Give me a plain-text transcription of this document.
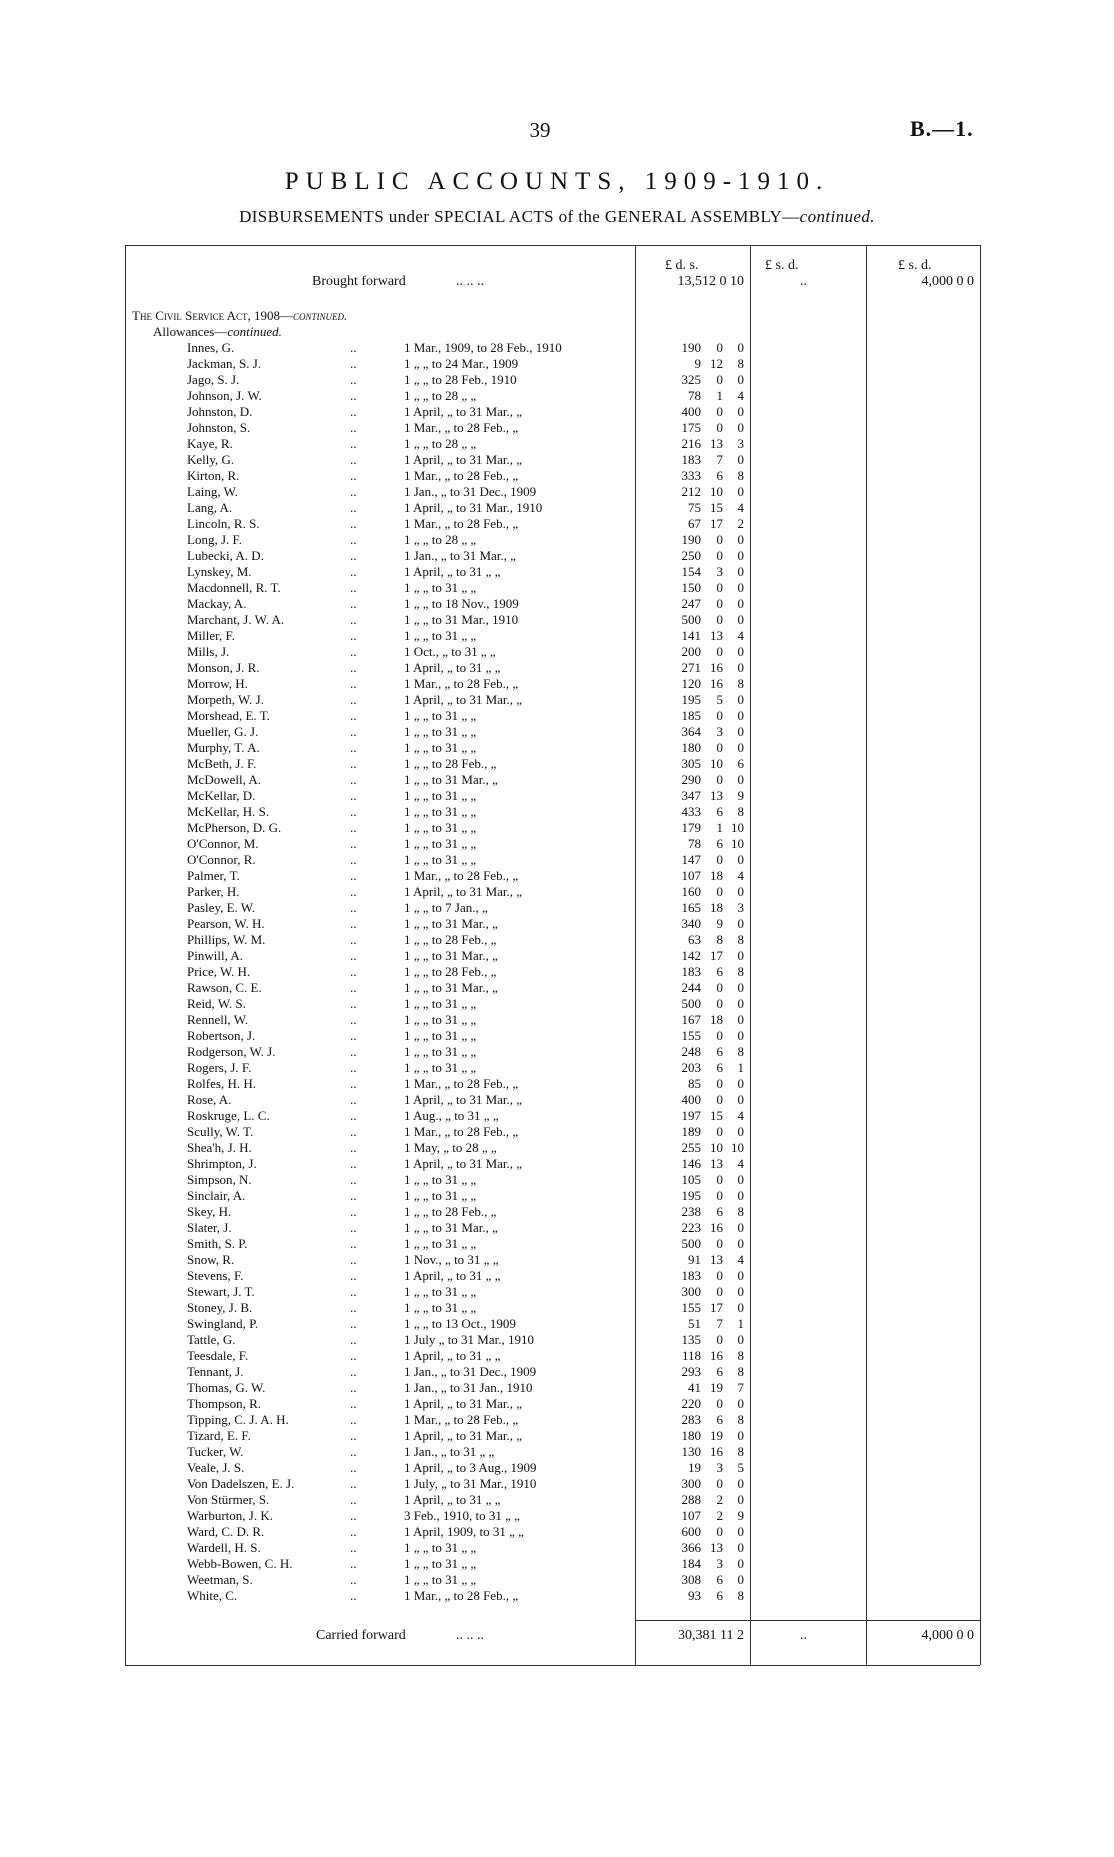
39	B.—1.
PUBLIC ACCOUNTS, 1909-1910.
DISBURSEMENTS under SPECIAL ACTS of the GENERAL ASSEMBLY—continued.
£ d. s.	£ s. d.	£ s. d.
Brought forward	.. .. ..	13,512 0 10	..	4,000 0 0
The Civil Service Act, 1908—continued.
Allowances—continued.
Innes, G.	..	1 Mar., 1909, to 28 Feb., 1910	190	0	0
Jackman, S. J.	..	1 „ „ to 24 Mar., 1909	9 12	8
Jago, S. J.	..	1 „ „ to 28 Feb., 1910	325	0	0
Johnson, J. W.	..	1 „ „ to 28 „ „	78	1	4
Johnston, D.	..	1 April, „ to 31 Mar., „	400	0	0
Johnston, S.	..	1 Mar., „ to 28 Feb., „	175	0	0
Kaye, R.	..	1 „ „ to 28 „ „	216 13	3
Kelly, G.	..	1 April, „ to 31 Mar., „	183	7	0
Kirton, R.	..	1 Mar., „ to 28 Feb., „	333	6	8
Laing, W.	..	1 Jan., „ to 31 Dec., 1909	212 10	0
Lang, A.	..	1 April, „ to 31 Mar., 1910	75 15	4
Lincoln, R. S.	..	1 Mar., „ to 28 Feb., „	67 17	2
Long, J. F.	..	1 „ „ to 28 „ „	190	0	0
Lubecki, A. D.	..	1 Jan., „ to 31 Mar., „	250	0	0
Lynskey, M.	..	1 April, „ to 31 „ „	154	3	0
Macdonnell, R. T.	..	1 „ „ to 31 „ „	150	0	0
Mackay, A.	..	1 „ „ to 18 Nov., 1909	247	0	0
Marchant, J. W. A.	..	1 „ „ to 31 Mar., 1910	500	0	0
Miller, F.	..	1 „ „ to 31 „ „	141 13	4
Mills, J.	..	1 Oct., „ to 31 „ „	200	0	0
Monson, J. R.	..	1 April, „ to 31 „ „	271 16	0
Morrow, H.	..	1 Mar., „ to 28 Feb., „	120 16	8
Morpeth, W. J.	..	1 April, „ to 31 Mar., „	195	5	0
Morshead, E. T.	..	1 „ „ to 31 „ „	185	0	0
Mueller, G. J.	..	1 „ „ to 31 „ „	364	3	0
Murphy, T. A.	..	1 „ „ to 31 „ „	180	0	0
McBeth, J. F.	..	1 „ „ to 28 Feb., „	305 10	6
McDowell, A.	..	1 „ „ to 31 Mar., „	290	0	0
McKellar, D.	..	1 „ „ to 31 „ „	347 13	9
McKellar, H. S.	..	1 „ „ to 31 „ „	433	6	8
McPherson, D. G.	..	1 „ „ to 31 „ „	179	1 10
O'Connor, M.	..	1 „ „ to 31 „ „	78	6 10
O'Connor, R.	..	1 „ „ to 31 „ „	147	0	0
Palmer, T.	..	1 Mar., „ to 28 Feb., „	107 18	4
Parker, H.	..	1 April, „ to 31 Mar., „	160	0	0
Pasley, E. W.	..	1 „ „ to 7 Jan., „	165 18	3
Pearson, W. H.	..	1 „ „ to 31 Mar., „	340	9	0
Phillips, W. M.	..	1 „ „ to 28 Feb., „	63	8	8
Pinwill, A.	..	1 „ „ to 31 Mar., „	142 17	0
Price, W. H.	..	1 „ „ to 28 Feb., „	183	6	8
Rawson, C. E.	..	1 „ „ to 31 Mar., „	244	0	0
Reid, W. S.	..	1 „ „ to 31 „ „	500	0	0
Rennell, W.	..	1 „ „ to 31 „ „	167 18	0
Robertson, J.	..	1 „ „ to 31 „ „	155	0	0
Rodgerson, W. J.	..	1 „ „ to 31 „ „	248	6	8
Rogers, J. F.	..	1 „ „ to 31 „ „	203	6	1
Rolfes, H. H.	..	1 Mar., „ to 28 Feb., „	85	0	0
Rose, A.	..	1 April, „ to 31 Mar., „	400	0	0
Roskruge, L. C.	..	1 Aug., „ to 31 „ „	197 15	4
Scully, W. T.	..	1 Mar., „ to 28 Feb., „	189	0	0
Shea'h, J. H.	..	1 May, „ to 28 „ „	255 10 10
Shrimpton, J.	..	1 April, „ to 31 Mar., „	146 13	4
Simpson, N.	..	1 „ „ to 31 „ „	105	0	0
Sinclair, A.	..	1 „ „ to 31 „ „	195	0	0
Skey, H.	..	1 „ „ to 28 Feb., „	238	6	8
Slater, J.	..	1 „ „ to 31 Mar., „	223 16	0
Smith, S. P.	..	1 „ „ to 31 „ „	500	0	0
Snow, R.	..	1 Nov., „ to 31 „ „	91 13	4
Stevens, F.	..	1 April, „ to 31 „ „	183	0	0
Stewart, J. T.	..	1 „ „ to 31 „ „	300	0	0
Stoney, J. B.	..	1 „ „ to 31 „ „	155 17	0
Swingland, P.	..	1 „ „ to 13 Oct., 1909	51	7	1
Tattle, G.	..	1 July „ to 31 Mar., 1910	135	0	0
Teesdale, F.	..	1 April, „ to 31 „ „	118 16	8
Tennant, J.	..	1 Jan., „ to 31 Dec., 1909	293	6	8
Thomas, G. W.	..	1 Jan., „ to 31 Jan., 1910	41 19	7
Thompson, R.	..	1 April, „ to 31 Mar., „	220	0	0
Tipping, C. J. A. H.	..	1 Mar., „ to 28 Feb., „	283	6	8
Tizard, E. F.	..	1 April, „ to 31 Mar., „	180 19	0
Tucker, W.	..	1 Jan., „ to 31 „ „	130 16	8
Veale, J. S.	..	1 April, „ to 3 Aug., 1909	19	3	5
Von Dadelszen, E. J.	..	1 July, „ to 31 Mar., 1910	300	0	0
Von Stürmer, S.	..	1 April, „ to 31 „ „	288	2	0
Warburton, J. K.	..	3 Feb., 1910, to 31 „ „	107	2	9
Ward, C. D. R.	..	1 April, 1909, to 31 „ „	600	0	0
Wardell, H. S.	..	1 „ „ to 31 „ „	366 13	0
Webb-Bowen, C. H.	..	1 „ „ to 31 „ „	184	3	0
Weetman, S.	..	1 „ „ to 31 „ „	308	6	0
White, C.	..	1 Mar., „ to 28 Feb., „	93	6	8
Carried forward	.. .. ..	30,381 11 2	..	4,000 0 0
